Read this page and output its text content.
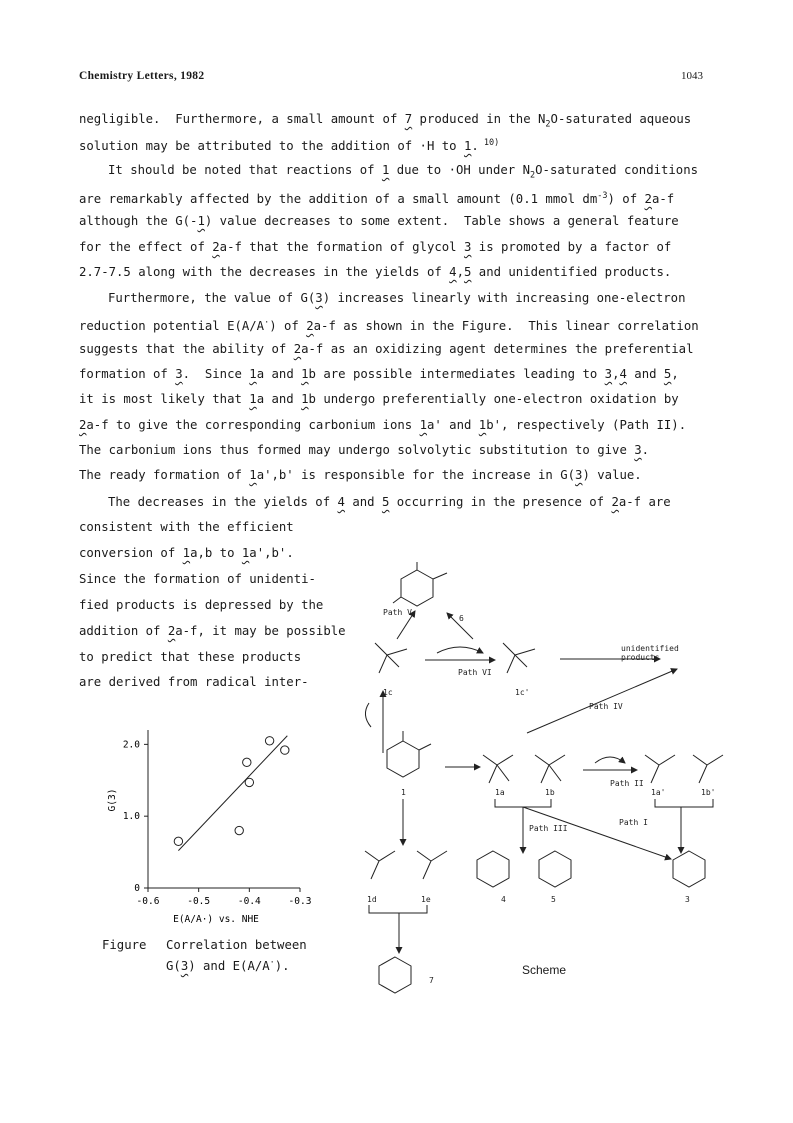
Chemistry Letters, 1982	1043
negligible.  Furthermore, a small amount of 7 produced in the $N_2O$-saturated aqueous
solution may be attributed to the addition of ·H to 1. $^{10)}$
It should be noted that reactions of 1 due to ·OH under $N_2O$-saturated conditions
are remarkably affected by the addition of a small amount (0.1 mmol $dm^{-3}$) of 2a-f
although the G(-1) value decreases to some extent.  Table shows a general feature
for the effect of 2a-f that the formation of glycol 3 is promoted by a factor of
2.7-7.5 along with the decreases in the yields of 4,5 and unidentified products.
Furthermore, the value of G(3) increases linearly with increasing one-electron
reduction potential E(A/A·) of 2a-f as shown in the Figure.  This linear correlation
suggests that the ability of 2a-f as an oxidizing agent determines the preferential
formation of 3.  Since 1a and 1b are possible intermediates leading to 3,4 and 5,
it is most likely that 1a and 1b undergo preferentially one-electron oxidation by
2a-f to give the corresponding carbonium ions 1a' and 1b', respectively (Path II).
The carbonium ions thus formed may undergo solvolytic substitution to give 3.
The ready formation of 1a',b' is responsible for the increase in G(3) value.
The decreases in the yields of 4 and 5 occurring in the presence of 2a-f are
consistent with the efficient
conversion of 1a,b to 1a',b'.
Since the formation of unidenti-
fied products is depressed by the
addition of 2a-f, it may be possible
to predict that these products
are derived from radical inter-
-0.6	-0.5	-0.4	-0.3
0
1.0
2.0
G(3)
E(A/A·) vs. NHE
Figure Correlation between
G(3) and E(A/A·).
Path V
Path VI
Path IV
Path II
Path III
Path I
unidentified
products
1c	1c'
1	1a	1b	1a'	1b'
1d	1e	4	5	3
6
7
Scheme
